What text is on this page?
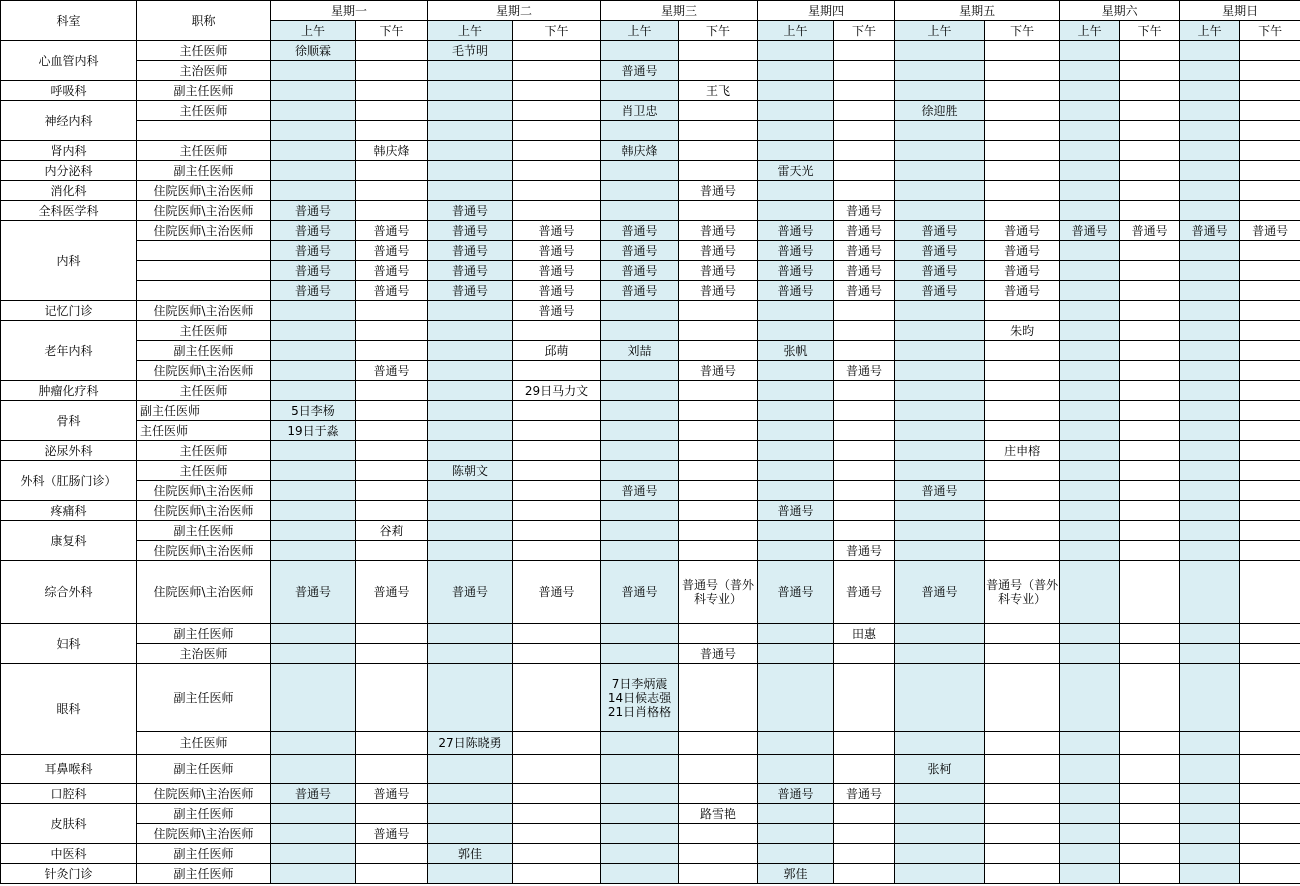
科室	职称	星期一		星期二		星期三		星期四		星期五		星期六		星期日	
		上午	下午	上午	下午	上午	下午	上午	下午	上午	下午	上午	下午	上午	下午
心血管内科	主任医师	徐顺霖		毛节明											
	主治医师					普通号									
呼吸科	副主任医师						王飞								
神经内科	主任医师					肖卫忠				徐迎胜					

肾内科	主任医师		韩庆烽			韩庆烽									
内分泌科	副主任医师							雷天光							
消化科	住院医师\主治医师						普通号								
全科医学科	住院医师\主治医师	普通号		普通号					普通号						
内科	住院医师\主治医师	普通号	普通号	普通号	普通号	普通号	普通号	普通号	普通号	普通号	普通号	普通号	普通号	普通号	普通号
		普通号	普通号	普通号	普通号	普通号	普通号	普通号	普通号	普通号	普通号				
		普通号	普通号	普通号	普通号	普通号	普通号	普通号	普通号	普通号	普通号				
		普通号	普通号	普通号	普通号	普通号	普通号	普通号	普通号	普通号	普通号				
记忆门诊	住院医师\主治医师				普通号										
老年内科	主任医师										朱昀				
	副主任医师				邱萌	刘喆		张帆							
	住院医师\主治医师		普通号				普通号		普通号						
肿瘤化疗科	主任医师				29日马力文										
骨科	副主任医师	5日李杨													
	主任医师	19日于淼													
泌尿外科	主任医师										庄申榕				
外科（肛肠门诊）	主任医师			陈朝文											
	住院医师\主治医师					普通号				普通号					
疼痛科	住院医师\主治医师							普通号							
康复科	副主任医师		谷莉												
	住院医师\主治医师								普通号						
综合外科	住院医师\主治医师	普通号	普通号	普通号	普通号	普通号	普通号（普外科专业）	普通号	普通号	普通号	普通号（普外科专业）				
妇科	副主任医师								田惠						
	主治医师						普通号								
眼科	副主任医师					7日李炳震
14日候志强
21日肖格格									
	主任医师			27日陈晓勇											
耳鼻喉科	副主任医师									张柯					
口腔科	住院医师\主治医师	普通号	普通号					普通号	普通号						
皮肤科	副主任医师						路雪艳								
	住院医师\主治医师		普通号												
中医科	副主任医师			郭佳											
针灸门诊	副主任医师							郭佳							
